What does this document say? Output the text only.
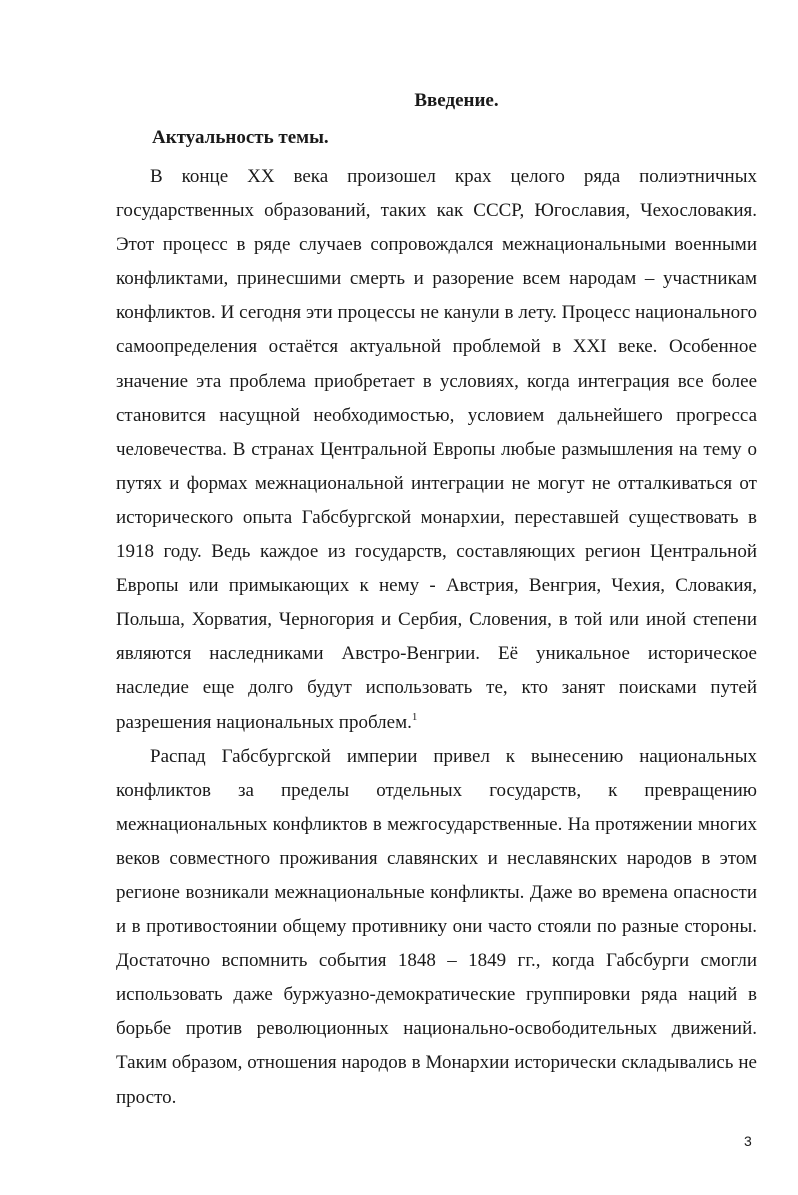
Введение.
Актуальность темы.

В конце XX века произошел крах целого ряда полиэтничных государственных образований, таких как СССР, Югославия, Чехословакия. Этот процесс в ряде случаев сопровождался межнациональными военными конфликтами, принесшими смерть и разорение всем народам – участникам конфликтов. И сегодня эти процессы не канули в лету. Процесс национального самоопределения остаётся актуальной проблемой в XXI веке. Особенное значение эта проблема приобретает в условиях, когда интеграция все более становится насущной необходимостью, условием дальнейшего прогресса человечества. В странах Центральной Европы любые размышления на тему о путях и формах межнациональной интеграции не могут не отталкиваться от исторического опыта Габсбургской монархии, переставшей существовать в 1918 году. Ведь каждое из государств, составляющих регион Центральной Европы или примыкающих к нему - Австрия, Венгрия, Чехия, Словакия, Польша, Хорватия, Черногория и Сербия, Словения, в той или иной степени являются наследниками Австро-Венгрии. Её уникальное историческое наследие еще долго будут использовать те, кто занят поисками путей разрешения национальных проблем.$^1$

Распад Габсбургской империи привел к вынесению национальных конфликтов за пределы отдельных государств, к превращению межнациональных конфликтов в межгосударственные. На протяжении многих веков совместного проживания славянских и неславянских народов в этом регионе возникали межнациональные конфликты. Даже во времена опасности и в противостоянии общему противнику они часто стояли по разные стороны. Достаточно вспомнить события 1848 – 1849 гг., когда Габсбурги смогли использовать даже буржуазно-демократические группировки ряда наций в борьбе против революционных национально-освободительных движений. Таким образом, отношения народов в Монархии исторически складывались не просто.

3
